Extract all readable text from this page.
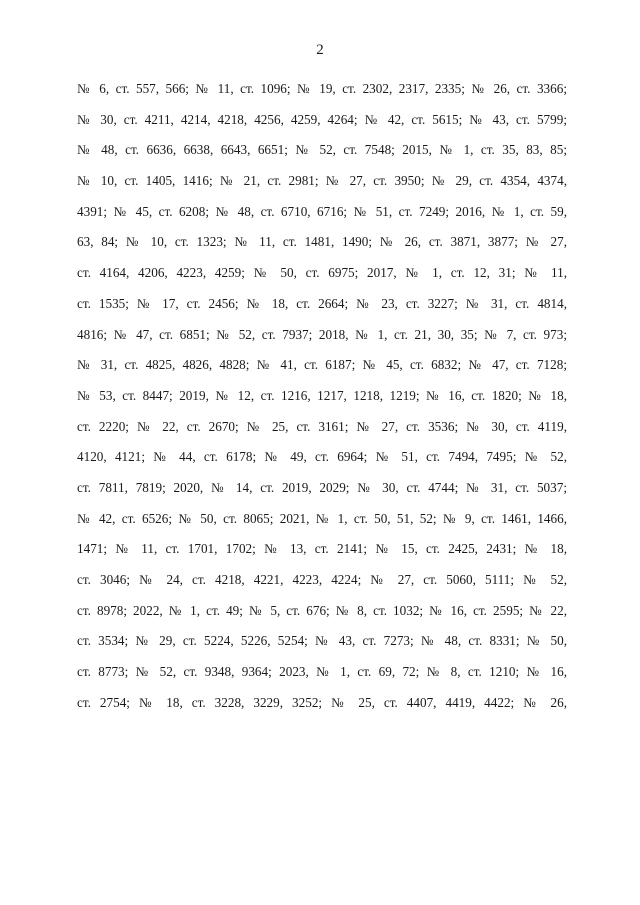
2
№ 6, ст. 557, 566; № 11, ст. 1096; № 19, ст. 2302, 2317, 2335; № 26, ст. 3366;
№ 30, ст. 4211, 4214, 4218, 4256, 4259, 4264; № 42, ст. 5615; № 43, ст. 5799;
№ 48, ст. 6636, 6638, 6643, 6651; № 52, ст. 7548; 2015, № 1, ст. 35, 83, 85;
№ 10, ст. 1405, 1416; № 21, ст. 2981; № 27, ст. 3950; № 29, ст. 4354, 4374,
4391; № 45, ст. 6208; № 48, ст. 6710, 6716; № 51, ст. 7249; 2016, № 1, ст. 59,
63, 84; № 10, ст. 1323; № 11, ст. 1481, 1490; № 26, ст. 3871, 3877; № 27,
ст. 4164, 4206, 4223, 4259; № 50, ст. 6975; 2017, № 1, ст. 12, 31; № 11,
ст. 1535; № 17, ст. 2456; № 18, ст. 2664; № 23, ст. 3227; № 31, ст. 4814,
4816; № 47, ст. 6851; № 52, ст. 7937; 2018, № 1, ст. 21, 30, 35; № 7, ст. 973;
№ 31, ст. 4825, 4826, 4828; № 41, ст. 6187; № 45, ст. 6832; № 47, ст. 7128;
№ 53, ст. 8447; 2019, № 12, ст. 1216, 1217, 1218, 1219; № 16, ст. 1820; № 18,
ст. 2220; № 22, ст. 2670; № 25, ст. 3161; № 27, ст. 3536; № 30, ст. 4119,
4120, 4121; № 44, ст. 6178; № 49, ст. 6964; № 51, ст. 7494, 7495; № 52,
ст. 7811, 7819; 2020, № 14, ст. 2019, 2029; № 30, ст. 4744; № 31, ст. 5037;
№ 42, ст. 6526; № 50, ст. 8065; 2021, № 1, ст. 50, 51, 52; № 9, ст. 1461, 1466,
1471; № 11, ст. 1701, 1702; № 13, ст. 2141; № 15, ст. 2425, 2431; № 18,
ст. 3046; № 24, ст. 4218, 4221, 4223, 4224; № 27, ст. 5060, 5111; № 52,
ст. 8978; 2022, № 1, ст. 49; № 5, ст. 676; № 8, ст. 1032; № 16, ст. 2595; № 22,
ст. 3534; № 29, ст. 5224, 5226, 5254; № 43, ст. 7273; № 48, ст. 8331; № 50,
ст. 8773; № 52, ст. 9348, 9364; 2023, № 1, ст. 69, 72; № 8, ст. 1210; № 16,
ст. 2754; № 18, ст. 3228, 3229, 3252; № 25, ст. 4407, 4419, 4422; № 26,
